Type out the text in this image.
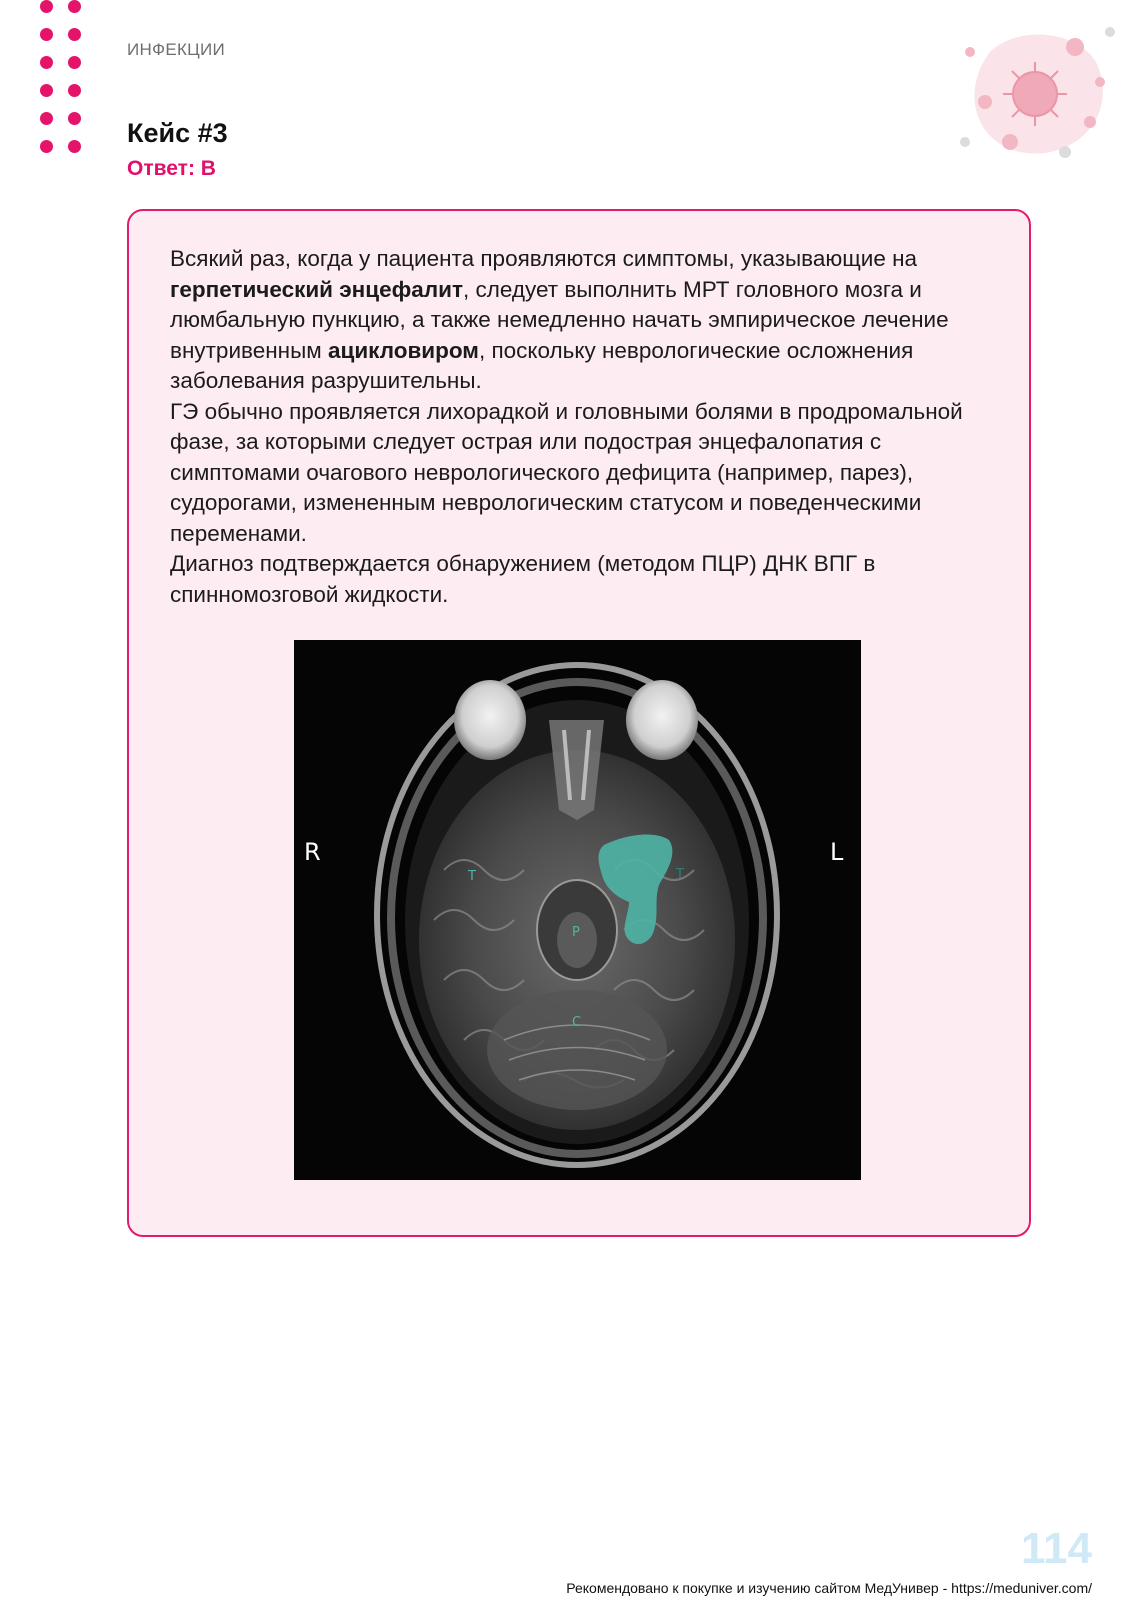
ИНФЕКЦИИ
Кейс #3
Ответ: В

Всякий раз, когда у пациента проявляются симптомы, указывающие на герпетический энцефалит, следует выполнить МРТ головного мозга и люмбальную пункцию, а также немедленно начать эмпирическое лечение внутривенным ацикловиром, поскольку неврологические осложнения заболевания разрушительны.

ГЭ обычно проявляется лихорадкой и головными болями в продромальной фазе, за которыми следует острая или подострая энцефалопатия с симптомами очагового неврологического дефицита (например, парез), судорогами, измененным неврологическим статусом и поведенческими переменами.

Диагноз подтверждается обнаружением (методом ПЦР) ДНК ВПГ в спинномозговой жидкости.

R	L
T	T
P
C
114
Рекомендовано к покупке и изучению сайтом МедУнивер - https://meduniver.com/
